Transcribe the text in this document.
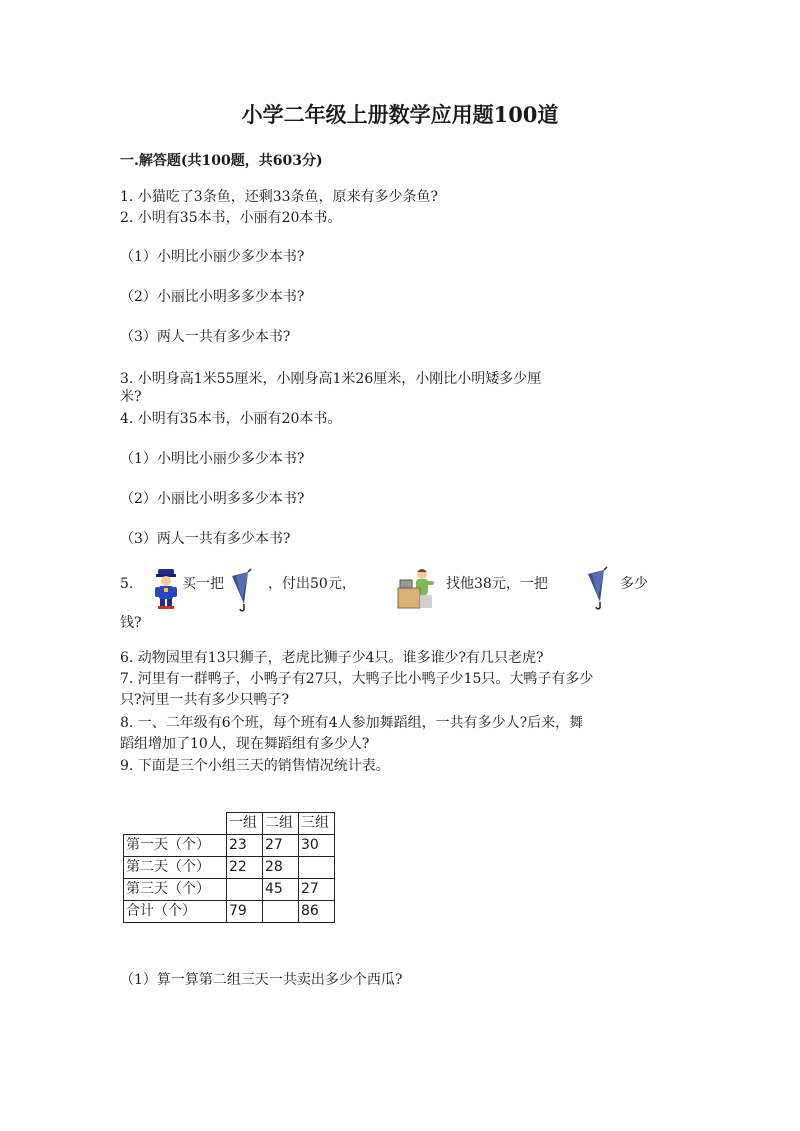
小学二年级上册数学应用题100道
一.解答题(共100题，共603分)
1. 小猫吃了3条鱼，还剩33条鱼，原来有多少条鱼?
2. 小明有35本书，小丽有20本书。
（1）小明比小丽少多少本书?
（2）小丽比小明多多少本书?
（3）两人一共有多少本书?
3. 小明身高1米55厘米，小刚身高1米26厘米，小刚比小明矮多少厘
米?
4. 小明有35本书，小丽有20本书。
（1）小明比小丽少多少本书?
（2）小丽比小明多多少本书?
（3）两人一共有多少本书?
5.	买一把	，付出50元，	找他38元，一把	多少
钱?
6. 动物园里有13只狮子，老虎比狮子少4只。谁多谁少?有几只老虎?
7. 河里有一群鸭子，小鸭子有27只，大鸭子比小鸭子少15只。大鸭子有多少
只?河里一共有多少只鸭子?
8. 一、二年级有6个班，每个班有4人参加舞蹈组，一共有多少人?后来，舞
蹈组增加了10人，现在舞蹈组有多少人?
9. 下面是三个小组三天的销售情况统计表。
	一组	二组	三组
第一天（个）	23	27	30
第二天（个）	22	28	
第三天（个）		45	27
合计（个）	79		86
（1）算一算第二组三天一共卖出多少个西瓜?
